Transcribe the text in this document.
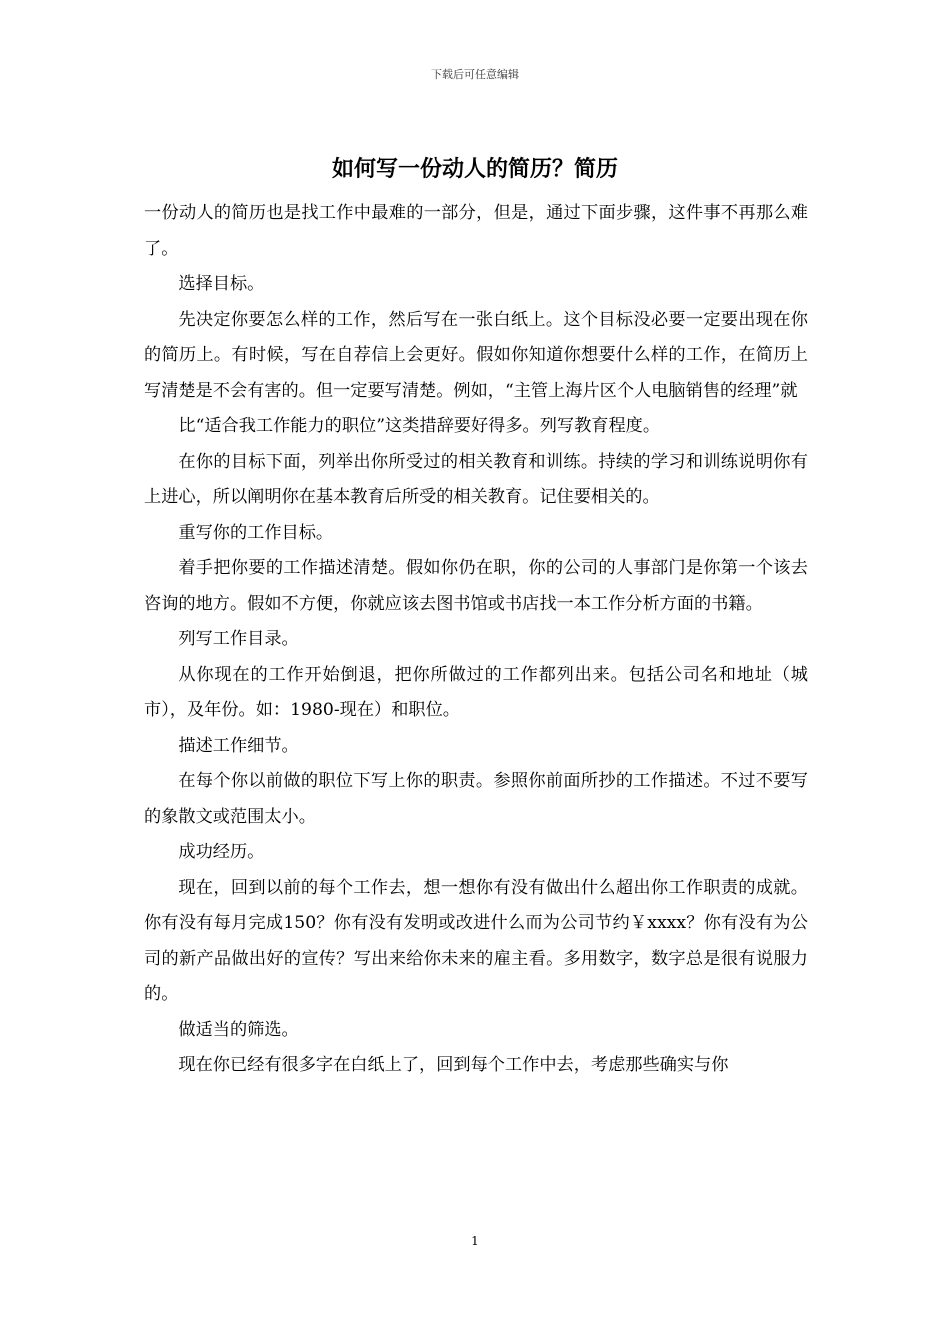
下载后可任意编辑
如何写一份动人的简历？简历

一份动人的简历也是找工作中最难的一部分，但是，通过下面步骤，这件事不再那么难了。

选择目标。

先决定你要怎么样的工作，然后写在一张白纸上。这个目标没必要一定要出现在你的简历上。有时候，写在自荐信上会更好。假如你知道你想要什么样的工作，在简历上写清楚是不会有害的。但一定要写清楚。例如，“主管上海片区个人电脑销售的经理”就

比“适合我工作能力的职位”这类措辞要好得多。列写教育程度。

在你的目标下面，列举出你所受过的相关教育和训练。持续的学习和训练说明你有上进心，所以阐明你在基本教育后所受的相关教育。记住要相关的。

重写你的工作目标。

着手把你要的工作描述清楚。假如你仍在职，你的公司的人事部门是你第一个该去咨询的地方。假如不方便，你就应该去图书馆或书店找一本工作分析方面的书籍。

列写工作目录。

从你现在的工作开始倒退，把你所做过的工作都列出来。包括公司名和地址（城市），及年份。如：1980-现在）和职位。

描述工作细节。

在每个你以前做的职位下写上你的职责。参照你前面所抄的工作描述。不过不要写的象散文或范围太小。

成功经历。

现在，回到以前的每个工作去，想一想你有没有做出什么超出你工作职责的成就。你有没有每月完成150？你有没有发明或改进什么而为公司节约￥xxxx？你有没有为公司的新产品做出好的宣传？写出来给你未来的雇主看。多用数字，数字总是很有说服力的。

做适当的筛选。

现在你已经有很多字在白纸上了，回到每个工作中去，考虑那些确实与你

1
